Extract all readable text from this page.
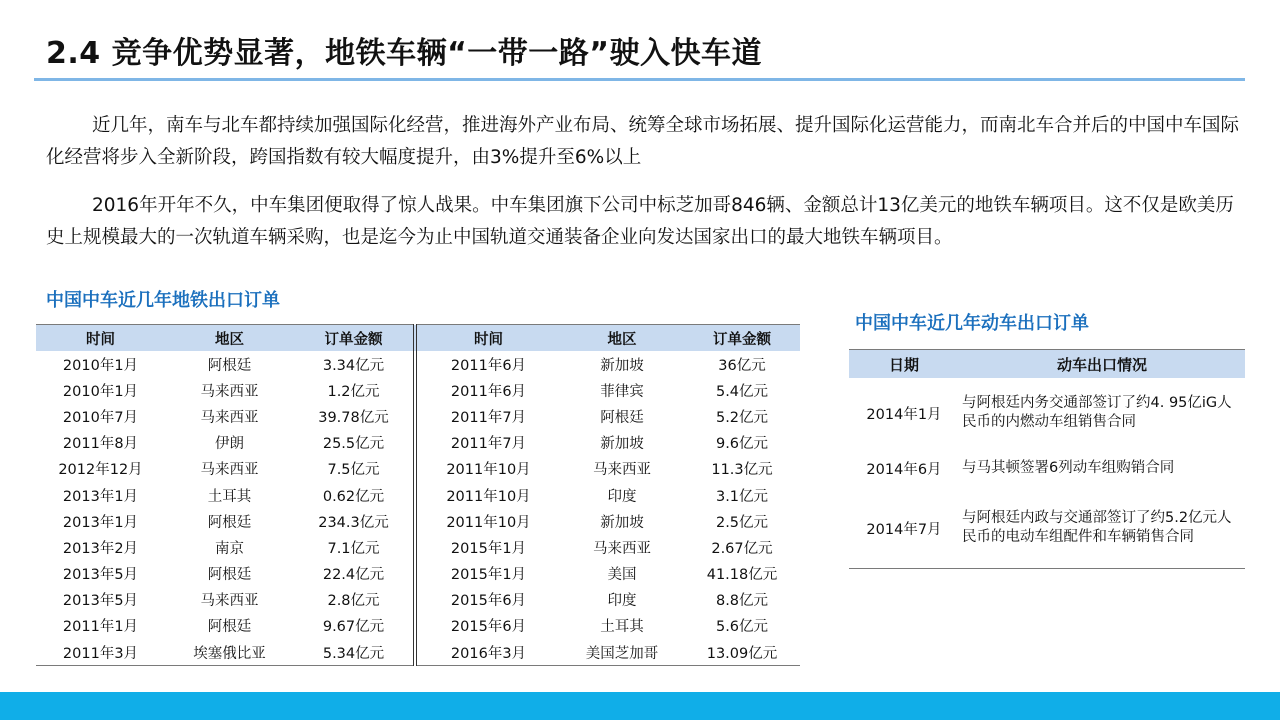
2.4 竞争优势显著，地铁车辆“一带一路”驶入快车道

近几年，南车与北车都持续加强国际化经营，推进海外产业布局、统筹全球市场拓展、提升国际化运营能力，而南北车合并后的中国中车国际化经营将步入全新阶段，跨国指数有较大幅度提升，由3%提升至6%以上

2016年开年不久，中车集团便取得了惊人战果。中车集团旗下公司中标芝加哥846辆、金额总计13亿美元的地铁车辆项目。这不仅是欧美历史上规模最大的一次轨道车辆采购，也是迄今为止中国轨道交通装备企业向发达国家出口的最大地铁车辆项目。

中国中车近几年地铁出口订单
时间	地区	订单金额	时间	地区	订单金额
2010年1月	阿根廷	3.34亿元	2011年6月	新加坡	36亿元
2010年1月	马来西亚	1.2亿元	2011年6月	菲律宾	5.4亿元
2010年7月	马来西亚	39.78亿元	2011年7月	阿根廷	5.2亿元
2011年8月	伊朗	25.5亿元	2011年7月	新加坡	9.6亿元
2012年12月	马来西亚	7.5亿元	2011年10月	马来西亚	11.3亿元
2013年1月	土耳其	0.62亿元	2011年10月	印度	3.1亿元
2013年1月	阿根廷	234.3亿元	2011年10月	新加坡	2.5亿元
2013年2月	南京	7.1亿元	2015年1月	马来西亚	2.67亿元
2013年5月	阿根廷	22.4亿元	2015年1月	美国	41.18亿元
2013年5月	马来西亚	2.8亿元	2015年6月	印度	8.8亿元
2011年1月	阿根廷	9.67亿元	2015年6月	土耳其	5.6亿元
2011年3月	埃塞俄比亚	5.34亿元	2016年3月	美国芝加哥	13.09亿元
中国中车近几年动车出口订单
日期	动车出口情况
2014年1月	与阿根廷内务交通部签订了约4. 95亿iG人民币的内燃动车组销售合同
2014年6月	与马其顿签署6列动车组购销合同
2014年7月	与阿根廷内政与交通部签订了约5.2亿元人民币的电动车组配件和车辆销售合同
